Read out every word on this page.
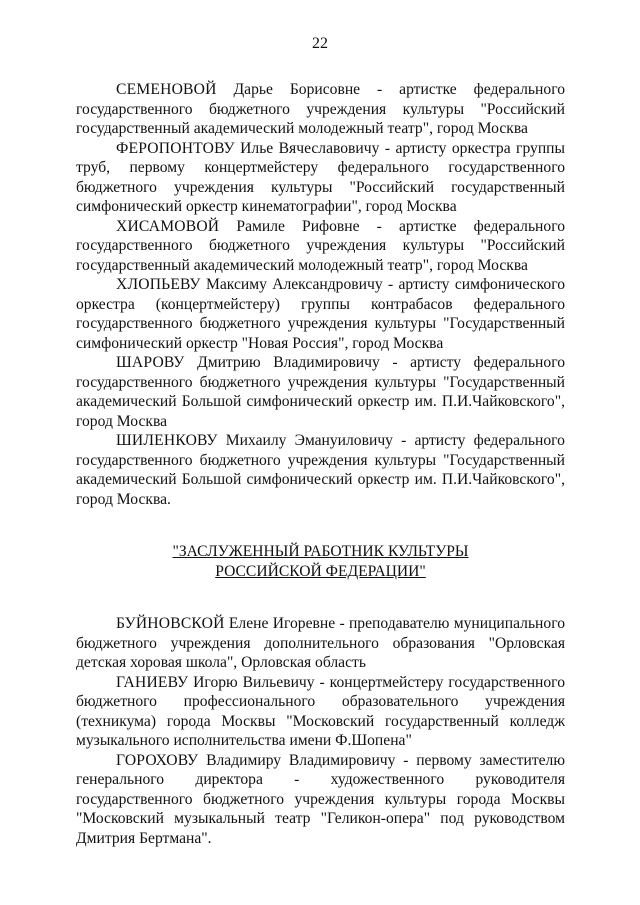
22

СЕМЕНОВОЙ Дарье Борисовне - артистке федерального государственного бюджетного учреждения культуры "Российский государственный академический молодежный театр", город Москва

ФЕРОПОНТОВУ Илье Вячеславовичу - артисту оркестра группы труб, первому концертмейстеру федерального государственного бюджетного учреждения культуры "Российский государственный симфонический оркестр кинематографии", город Москва

ХИСАМОВОЙ Рамиле Рифовне - артистке федерального государственного бюджетного учреждения культуры "Российский государственный академический молодежный театр", город Москва

ХЛОПЬЕВУ Максиму Александровичу - артисту симфонического оркестра (концертмейстеру) группы контрабасов федерального государственного бюджетного учреждения культуры "Государственный симфонический оркестр "Новая Россия", город Москва

ШАРОВУ Дмитрию Владимировичу - артисту федерального государственного бюджетного учреждения культуры "Государственный академический Большой симфонический оркестр им. П.И.Чайковского", город Москва

ШИЛЕНКОВУ Михаилу Эмануиловичу - артисту федерального государственного бюджетного учреждения культуры "Государственный академический Большой симфонический оркестр им. П.И.Чайковского", город Москва.

"ЗАСЛУЖЕННЫЙ РАБОТНИК КУЛЬТУРЫ
РОССИЙСКОЙ ФЕДЕРАЦИИ"

БУЙНОВСКОЙ Елене Игоревне - преподавателю муниципального бюджетного учреждения дополнительного образования "Орловская детская хоровая школа", Орловская область

ГАНИЕВУ Игорю Вильевичу - концертмейстеру государственного бюджетного профессионального образовательного учреждения (техникума) города Москвы "Московский государственный колледж музыкального исполнительства имени Ф.Шопена"

ГОРОХОВУ Владимиру Владимировичу - первому заместителю генерального директора - художественного руководителя государственного бюджетного учреждения культуры города Москвы "Московский музыкальный театр "Геликон-опера" под руководством Дмитрия Бертмана".
